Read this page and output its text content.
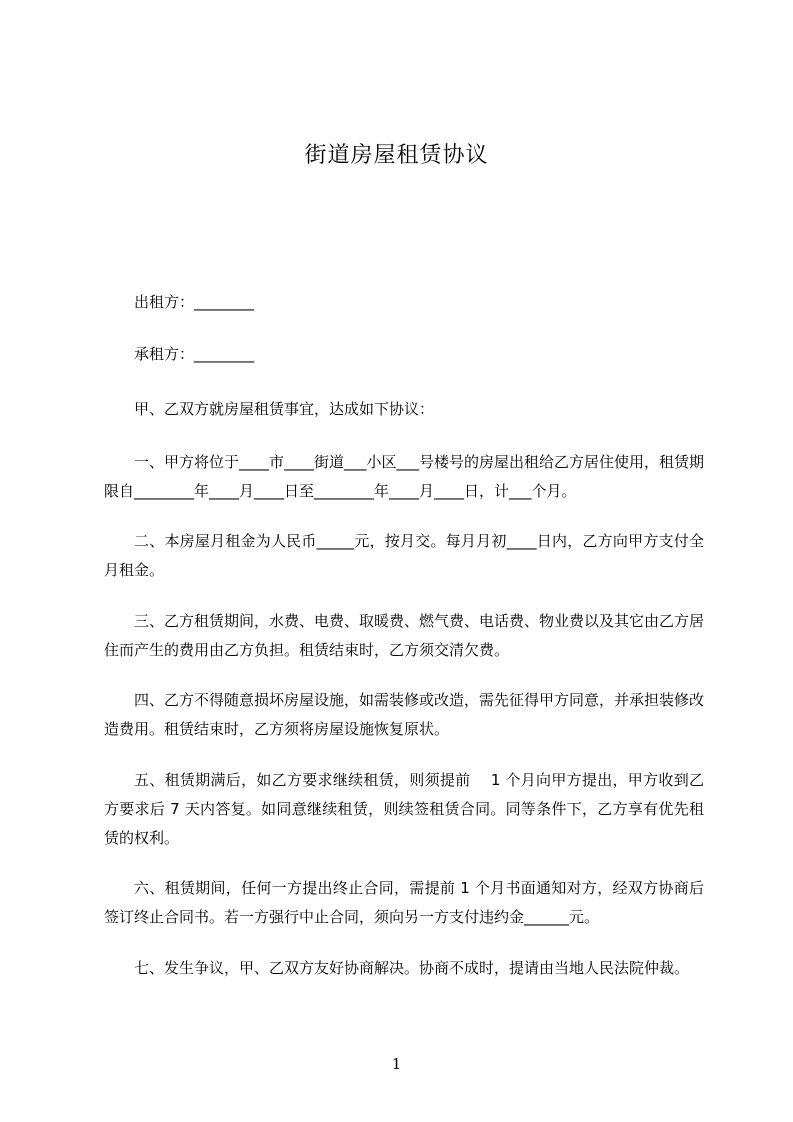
街道房屋租赁协议

出租方：________

承租方：________

甲、乙双方就房屋租赁事宜，达成如下协议：

一、甲方将位于____市____街道___小区___号楼号的房屋出租给乙方居住使用，租赁期限自________年____月____日至________年____月____日，计___个月。

二、本房屋月租金为人民币_____元，按月交。每月月初____日内，乙方向甲方支付全月租金。

三、乙方租赁期间，水费、电费、取暖费、燃气费、电话费、物业费以及其它由乙方居住而产生的费用由乙方负担。租赁结束时，乙方须交清欠费。

四、乙方不得随意损坏房屋设施，如需装修或改造，需先征得甲方同意，并承担装修改造费用。租赁结束时，乙方须将房屋设施恢复原状。

五、租赁期满后，如乙方要求继续租赁，则须提前　 1 个月向甲方提出，甲方收到乙方要求后 7 天内答复。如同意继续租赁，则续签租赁合同。同等条件下，乙方享有优先租赁的权利。

六、租赁期间，任何一方提出终止合同，需提前 1 个月书面通知对方，经双方协商后签订终止合同书。若一方强行中止合同，须向另一方支付违约金______元。

七、发生争议，甲、乙双方友好协商解决。协商不成时，提请由当地人民法院仲裁。

1
